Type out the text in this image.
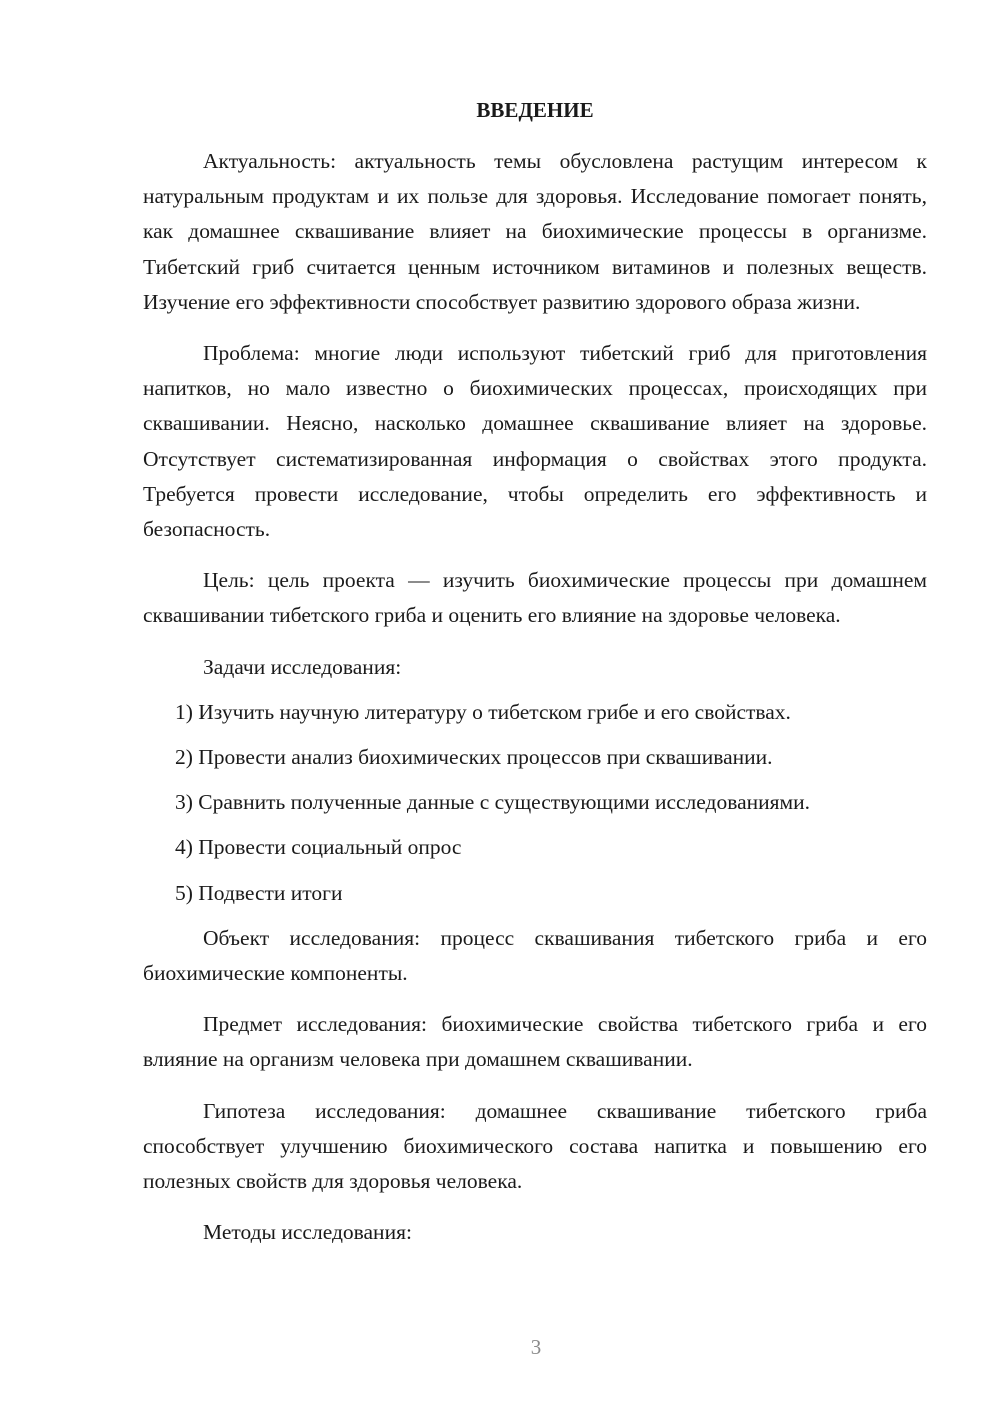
ВВЕДЕНИЕ

Актуальность: актуальность темы обусловлена растущим интересом к натуральным продуктам и их пользе для здоровья. Исследование помогает понять, как домашнее сквашивание влияет на биохимические процессы в организме. Тибетский гриб считается ценным источником витаминов и полезных веществ. Изучение его эффективности способствует развитию здорового образа жизни.

Проблема: многие люди используют тибетский гриб для приготовления напитков, но мало известно о биохимических процессах, происходящих при сквашивании. Неясно, насколько домашнее сквашивание влияет на здоровье. Отсутствует систематизированная информация о свойствах этого продукта. Требуется провести исследование, чтобы определить его эффективность и безопасность.

Цель: цель проекта — изучить биохимические процессы при домашнем сквашивании тибетского гриба и оценить его влияние на здоровье человека.

Задачи исследования:
1) Изучить научную литературу о тибетском грибе и его свойствах.
2) Провести анализ биохимических процессов при сквашивании.
3) Сравнить полученные данные с существующими исследованиями.
4) Провести социальный опрос
5) Подвести итоги

Объект исследования: процесс сквашивания тибетского гриба и его биохимические компоненты.

Предмет исследования: биохимические свойства тибетского гриба и его влияние на организм человека при домашнем сквашивании.

Гипотеза исследования: домашнее сквашивание тибетского гриба способствует улучшению биохимического состава напитка и повышению его полезных свойств для здоровья человека.

Методы исследования:

3
